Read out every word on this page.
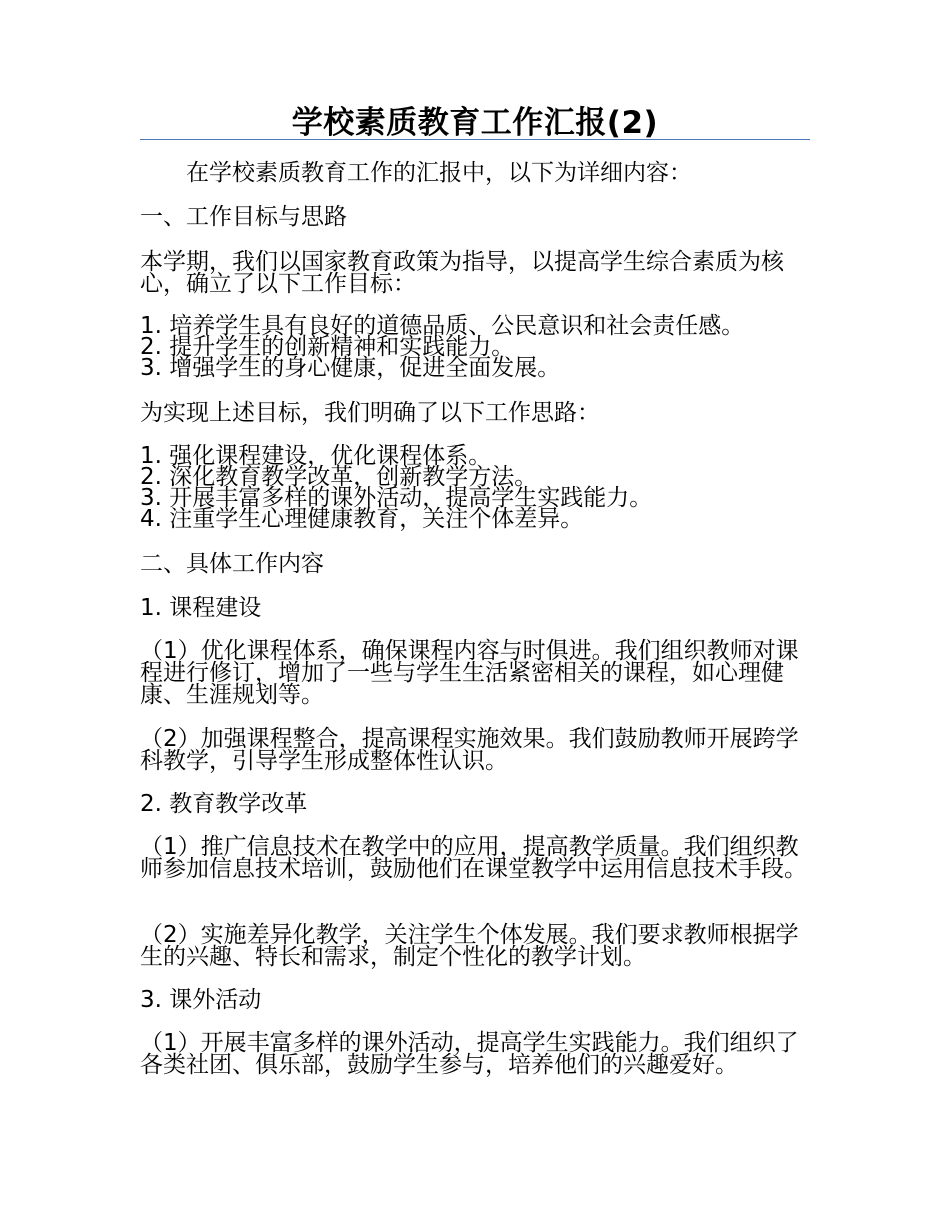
学校素质教育工作汇报(2)
在学校素质教育工作的汇报中，以下为详细内容：
一、工作目标与思路
本学期，我们以国家教育政策为指导，以提高学生综合素质为核心，确立了以下工作目标：
1. 培养学生具有良好的道德品质、公民意识和社会责任感。
2. 提升学生的创新精神和实践能力。
3. 增强学生的身心健康，促进全面发展。
为实现上述目标，我们明确了以下工作思路：
1. 强化课程建设，优化课程体系。
2. 深化教育教学改革，创新教学方法。
3. 开展丰富多样的课外活动，提高学生实践能力。
4. 注重学生心理健康教育，关注个体差异。
二、具体工作内容
1. 课程建设
（1）优化课程体系，确保课程内容与时俱进。我们组织教师对课程进行修订，增加了一些与学生生活紧密相关的课程，如心理健康、生涯规划等。
（2）加强课程整合，提高课程实施效果。我们鼓励教师开展跨学科教学，引导学生形成整体性认识。
2. 教育教学改革
（1）推广信息技术在教学中的应用，提高教学质量。我们组织教师参加信息技术培训，鼓励他们在课堂教学中运用信息技术手段。
（2）实施差异化教学，关注学生个体发展。我们要求教师根据学生的兴趣、特长和需求，制定个性化的教学计划。
3. 课外活动
（1）开展丰富多样的课外活动，提高学生实践能力。我们组织了各类社团、俱乐部，鼓励学生参与，培养他们的兴趣爱好。
